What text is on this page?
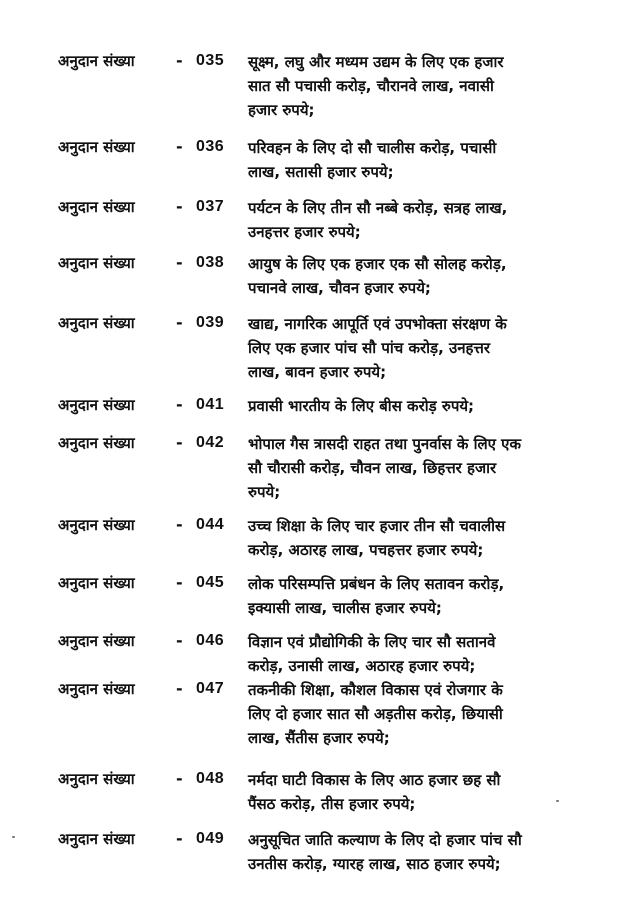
अनुदान संख्या	- 035 सूक्ष्म, लघु और मध्यम उद्यम के लिए एक हजार
सात सौ पचासी करोड़, चौरानवे लाख, नवासी
हजार रुपये;
अनुदान संख्या	- 036 परिवहन के लिए दो सौ चालीस करोड़, पचासी
लाख, सतासी हजार रुपये;
अनुदान संख्या	- 037 पर्यटन के लिए तीन सौ नब्बे करोड़, सत्रह लाख,
उनहत्तर हजार रुपये;
अनुदान संख्या	- 038 आयुष के लिए एक हजार एक सौ सोलह करोड़,
पचानवे लाख, चौवन हजार रुपये;
अनुदान संख्या	- 039 खाद्य, नागरिक आपूर्ति एवं उपभोक्ता संरक्षण के
लिए एक हजार पांच सौ पांच करोड़, उनहत्तर
लाख, बावन हजार रुपये;
अनुदान संख्या	- 041 प्रवासी भारतीय के लिए बीस करोड़ रुपये;
अनुदान संख्या	- 042 भोपाल गैस त्रासदी राहत तथा पुनर्वास के लिए एक
सौ चौरासी करोड़, चौवन लाख, छिहत्तर हजार
रुपये;
अनुदान संख्या	- 044 उच्च शिक्षा के लिए चार हजार तीन सौ चवालीस
करोड़, अठारह लाख, पचहत्तर हजार रुपये;
अनुदान संख्या	- 045 लोक परिसम्पत्ति प्रबंधन के लिए सतावन करोड़,
इक्यासी लाख, चालीस हजार रुपये;
अनुदान संख्या	- 046 विज्ञान एवं प्रौद्योगिकी के लिए चार सौ सतानवे
करोड़, उनासी लाख, अठारह हजार रुपये;
अनुदान संख्या	- 047 तकनीकी शिक्षा, कौशल विकास एवं रोजगार के
लिए दो हजार सात सौ अड़तीस करोड़, छियासी
लाख, सैंतीस हजार रुपये;
अनुदान संख्या	- 048 नर्मदा घाटी विकास के लिए आठ हजार छह सौ
पैंसठ करोड़, तीस हजार रुपये;
अनुदान संख्या	- 049 अनुसूचित जाति कल्याण के लिए दो हजार पांच सौ
उनतीस करोड़, ग्यारह लाख, साठ हजार रुपये;
